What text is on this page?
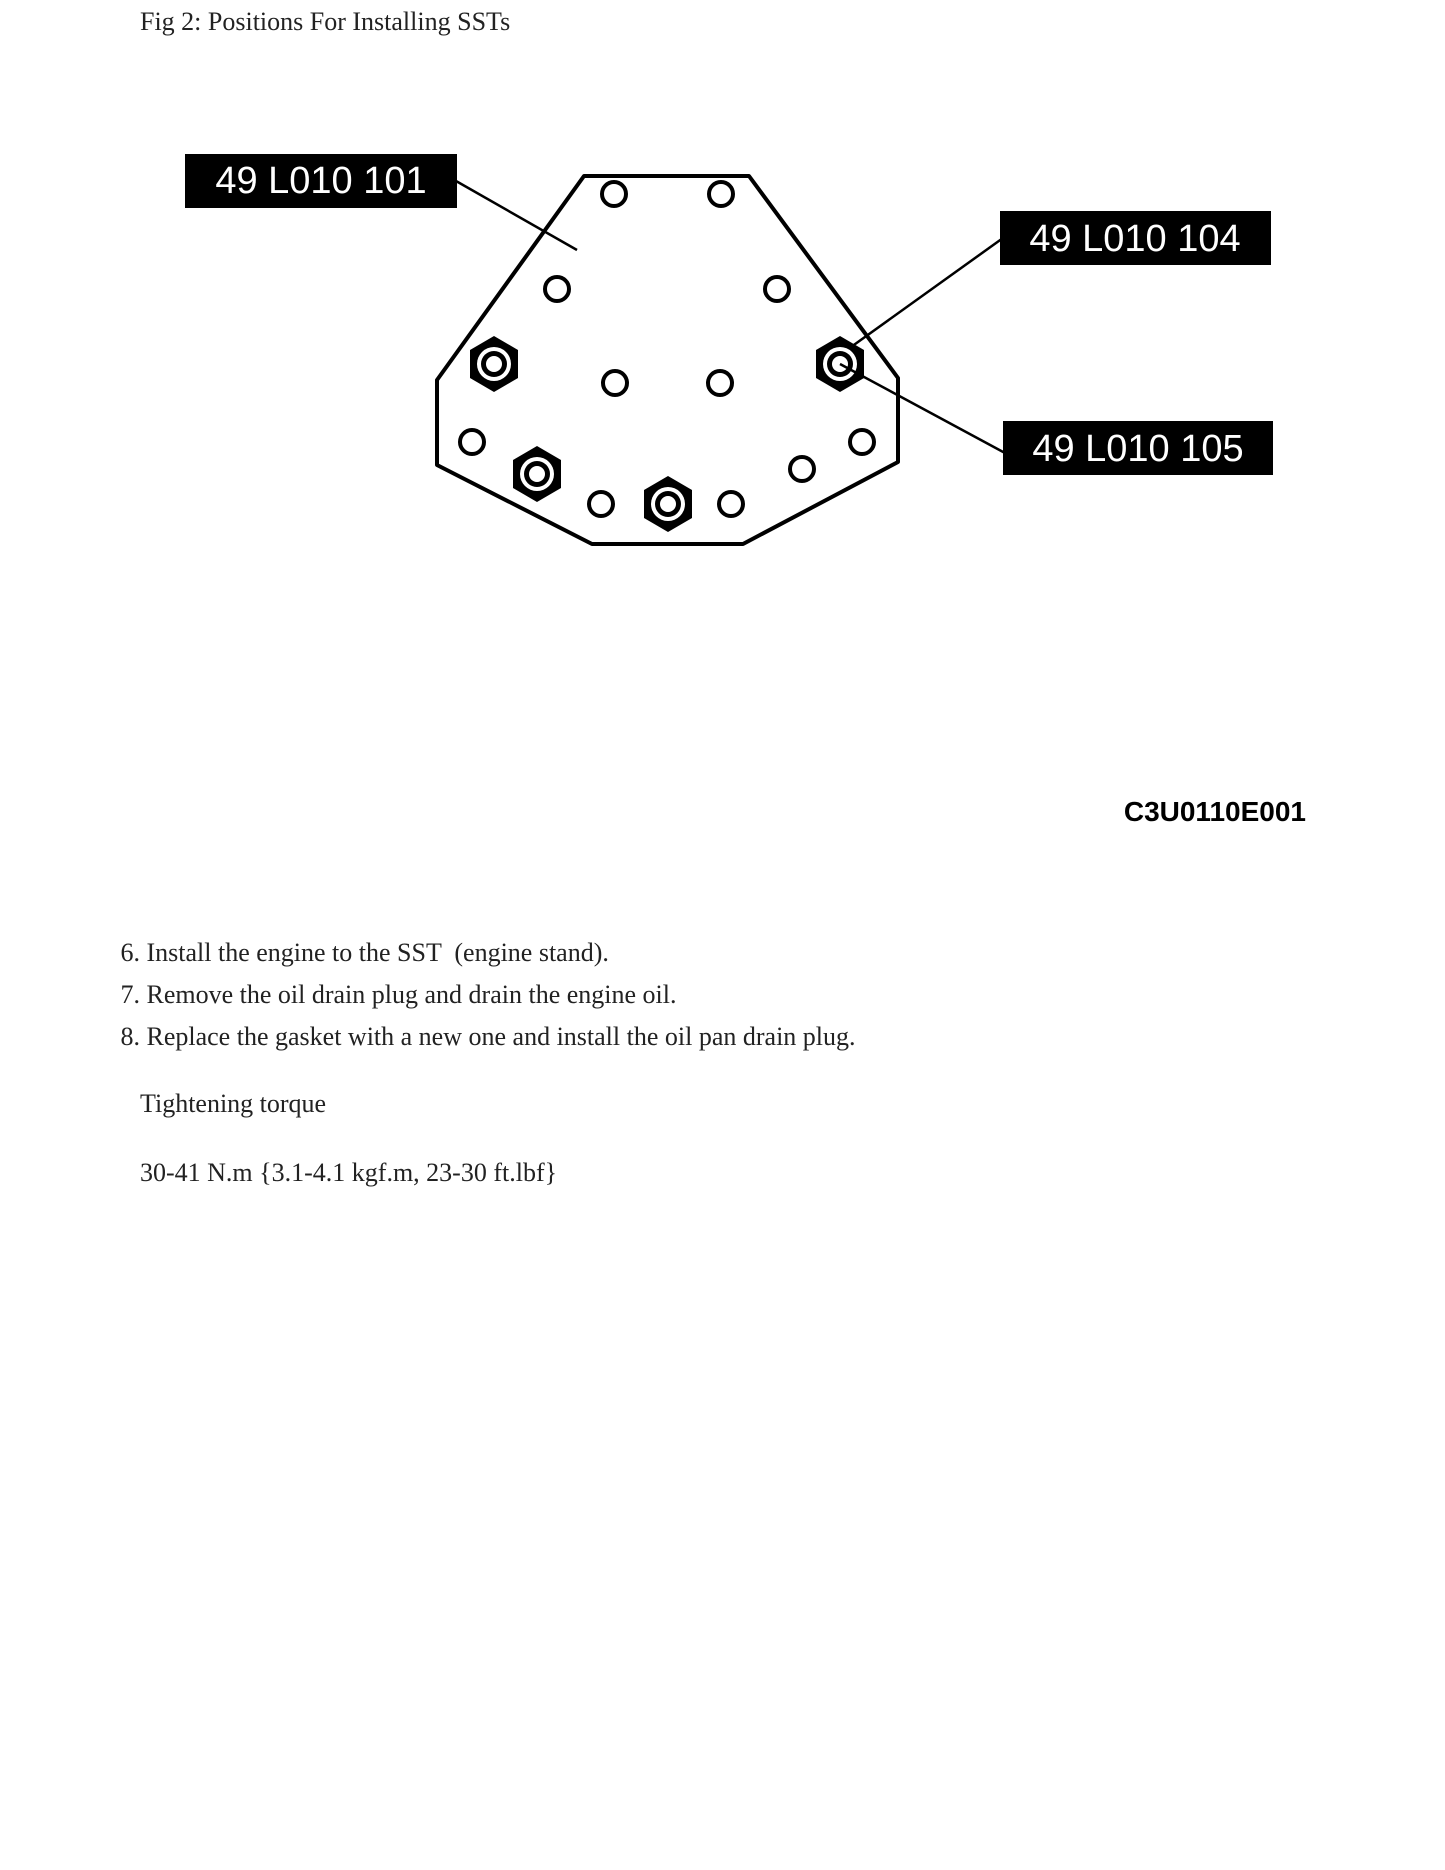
Fig 2: Positions For Installing SSTs

49 L010 101
49 L010 104
49 L010 105
C3U0110E001
6. Install the engine to the SST  (engine stand).
7. Remove the oil drain plug and drain the engine oil.
8. Replace the gasket with a new one and install the oil pan drain plug.

Tightening torque

30-41 N.m {3.1-4.1 kgf.m, 23-30 ft.lbf}
